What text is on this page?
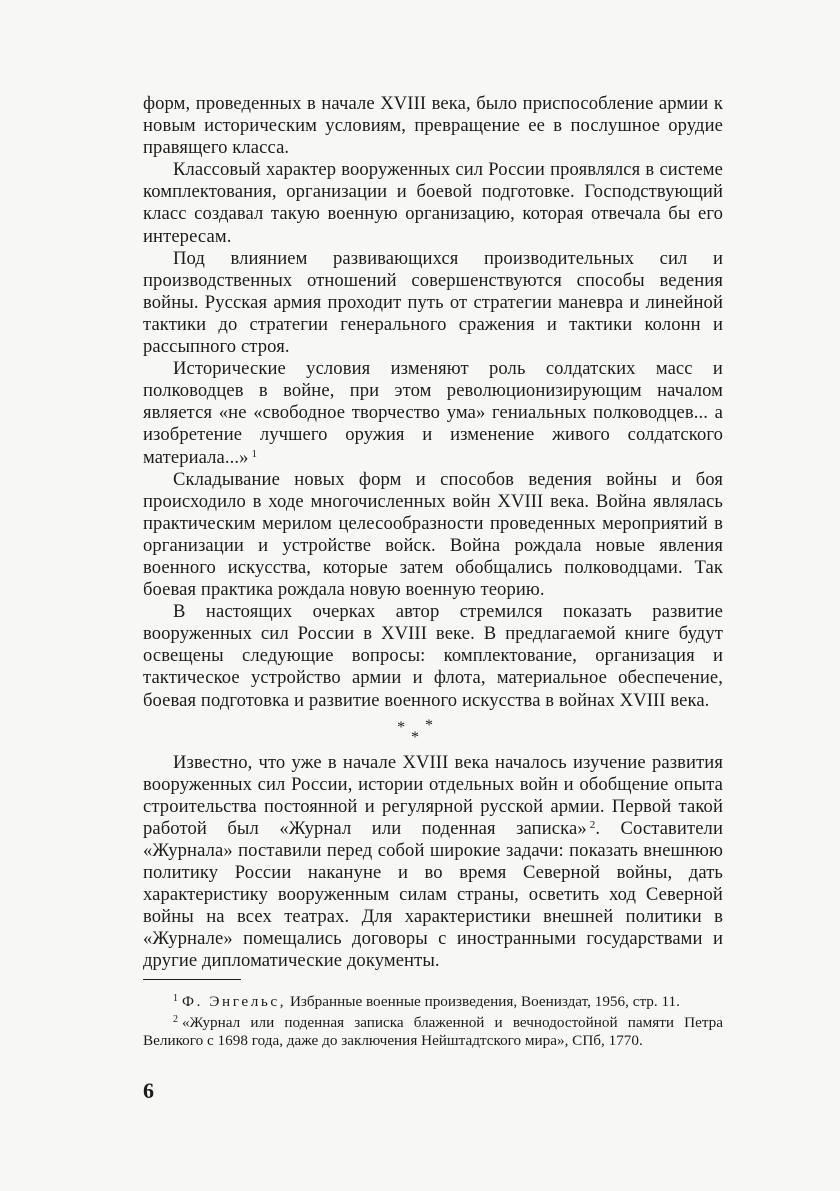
форм, проведенных в начале XVIII века, было приспособление армии к новым историческим условиям, превращение ее в послушное орудие правящего класса.

Классовый характер вооруженных сил России проявлялся в системе комплектования, организации и боевой подготовке. Господствующий класс создавал такую военную организацию, которая отвечала бы его интересам.

Под влиянием развивающихся производительных сил и производственных отношений совершенствуются способы ведения войны. Русская армия проходит путь от стратегии маневра и линейной тактики до стратегии генерального сражения и тактики колонн и рассыпного строя.

Исторические условия изменяют роль солдатских масс и полководцев в войне, при этом революционизирующим началом является «не «свободное творчество ума» гениальных полководцев... а изобретение лучшего оружия и изменение живого солдатского материала...» $^1$

Складывание новых форм и способов ведения войны и боя происходило в ходе многочисленных войн XVIII века. Война являлась практическим мерилом целесообразности проведенных мероприятий в организации и устройстве войск. Война рождала новые явления военного искусства, которые затем обобщались полководцами. Так боевая практика рождала новую военную теорию.

В настоящих очерках автор стремился показать развитие вооруженных сил России в XVIII веке. В предлагаемой книге будут освещены следующие вопросы: комплектование, организация и тактическое устройство армии и флота, материальное обеспечение, боевая подготовка и развитие военного искусства в войнах XVIII века.

*
*
*

Известно, что уже в начале XVIII века началось изучение развития вооруженных сил России, истории отдельных войн и обобщение опыта строительства постоянной и регулярной русской армии. Первой такой работой был «Журнал или поденная записка» $^2$. Составители «Журнала» поставили перед собой широкие задачи: показать внешнюю политику России накануне и во время Северной войны, дать характеристику вооруженным силам страны, осветить ход Северной войны на всех театрах. Для характеристики внешней политики в «Журнале» помещались договоры с иностранными государствами и другие дипломатические документы.

$^1$ Ф. Энгельс, Избранные военные произведения, Воениздат, 1956, стр. 11.

$^2$ «Журнал или поденная записка блаженной и вечнодостойной памяти Петра Великого с 1698 года, даже до заключения Нейштадтского мира», СПб, 1770.

6
